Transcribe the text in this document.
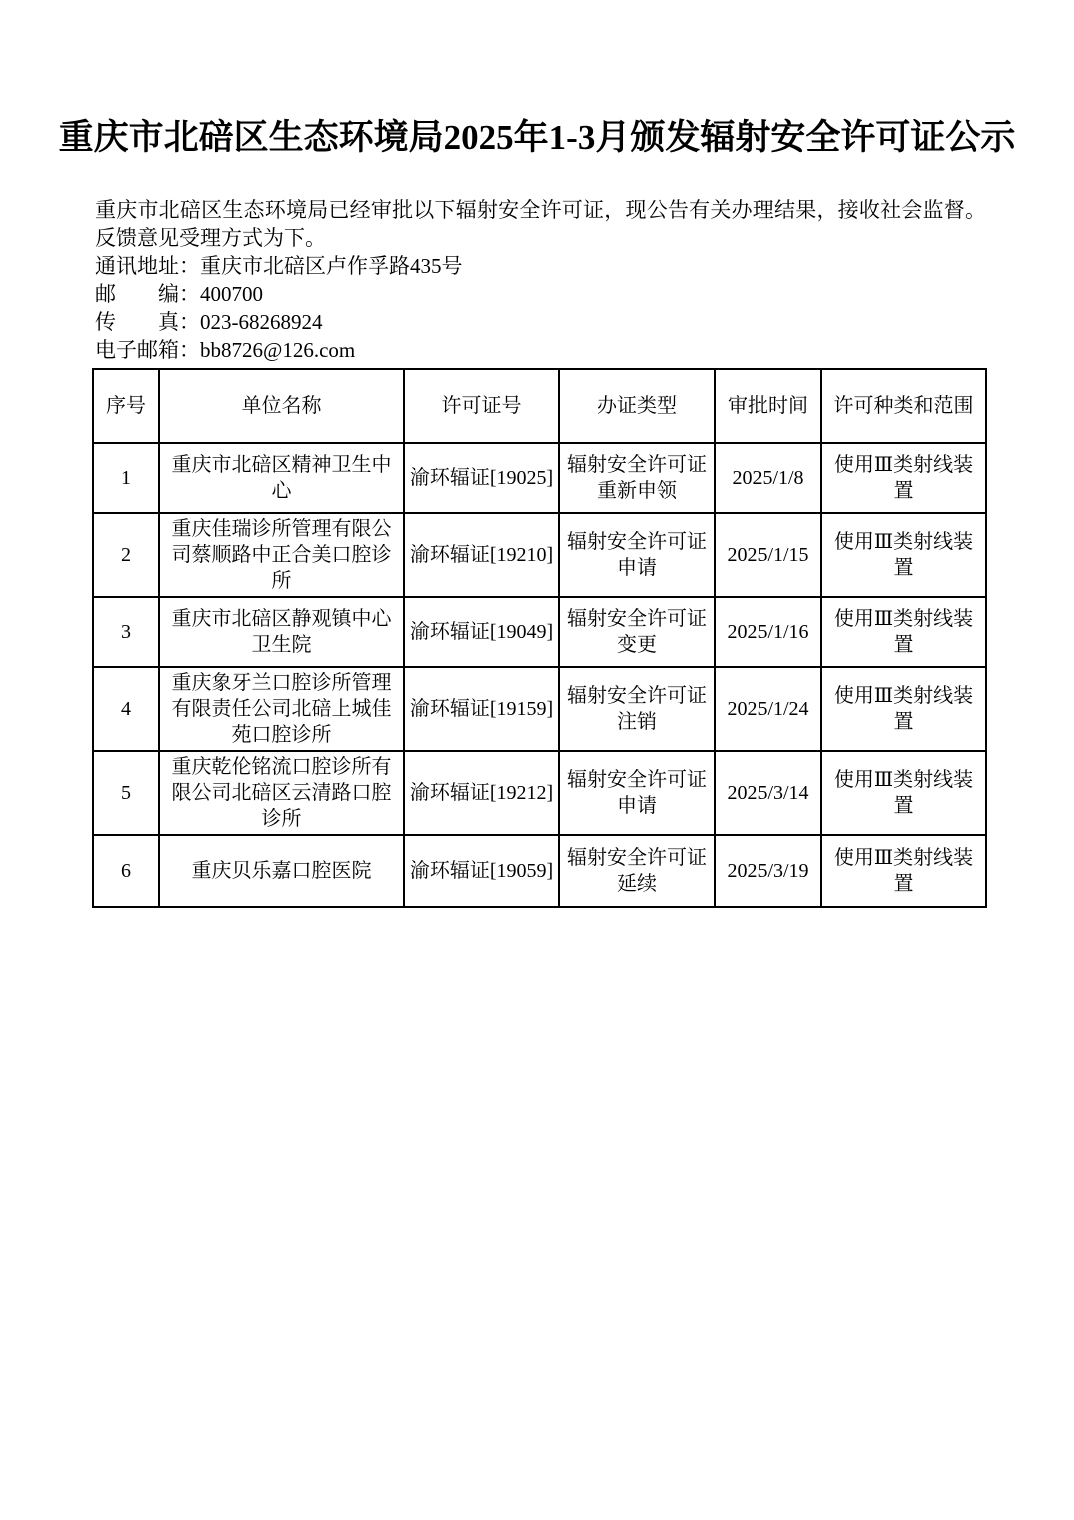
重庆市北碚区生态环境局2025年1-3月颁发辐射安全许可证公示

重庆市北碚区生态环境局已经审批以下辐射安全许可证，现公告有关办理结果，接收社会监督。反馈意见受理方式为下。

通讯地址：重庆市北碚区卢作孚路435号
邮　　编：400700
传　　真：023-68268924
电子邮箱：bb8726@126.com
序号	单位名称	许可证号	办证类型	审批时间	许可种类和范围
1	重庆市北碚区精神卫生中心	渝环辐证[19025]	辐射安全许可证重新申领	2025/1/8	使用Ⅲ类射线装置
2	重庆佳瑞诊所管理有限公司蔡顺路中正合美口腔诊所	渝环辐证[19210]	辐射安全许可证申请	2025/1/15	使用Ⅲ类射线装置
3	重庆市北碚区静观镇中心卫生院	渝环辐证[19049]	辐射安全许可证变更	2025/1/16	使用Ⅲ类射线装置
4	重庆象牙兰口腔诊所管理有限责任公司北碚上城佳苑口腔诊所	渝环辐证[19159]	辐射安全许可证注销	2025/1/24	使用Ⅲ类射线装置
5	重庆乾伦铭流口腔诊所有限公司北碚区云清路口腔诊所	渝环辐证[19212]	辐射安全许可证申请	2025/3/14	使用Ⅲ类射线装置
6	重庆贝乐嘉口腔医院	渝环辐证[19059]	辐射安全许可证延续	2025/3/19	使用Ⅲ类射线装置
